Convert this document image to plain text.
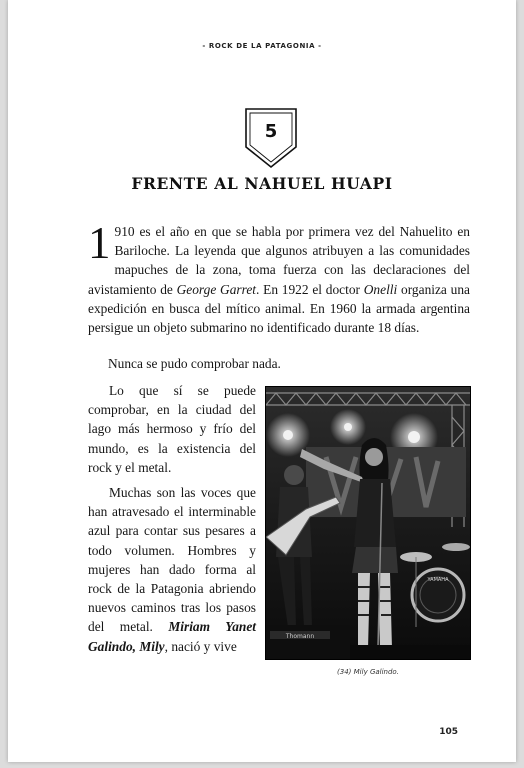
- ROCK DE LA PATAGONIA -
5
FRENTE AL NAHUEL HUAPI

1 910 es el año en que se habla por primera vez del Nahuelito en Bariloche. La leyenda que algunos atribuyen a las comunidades mapuches de la zona, toma fuerza con las declaraciones del avistamiento de George Garret. En 1922 el doctor Onelli organiza una expedición en busca del mítico animal. En 1960 la armada argentina persigue un objeto submarino no identificado durante 18 días.

Nunca se pudo comprobar nada.

Lo que sí se puede comprobar, en la ciudad del lago más hermoso y frío del mundo, es la existencia del rock y el metal.

Muchas son las voces que han atravesado el interminable azul para contar sus pesares a todo volumen. Hombres y mujeres han dado forma al rock de la Patagonia abriendo nuevos caminos tras los pasos del metal. Miriam Yanet Galindo, Mily, nació y vive

YAMAHA
Thomann
(34) Mily Galindo.
105
